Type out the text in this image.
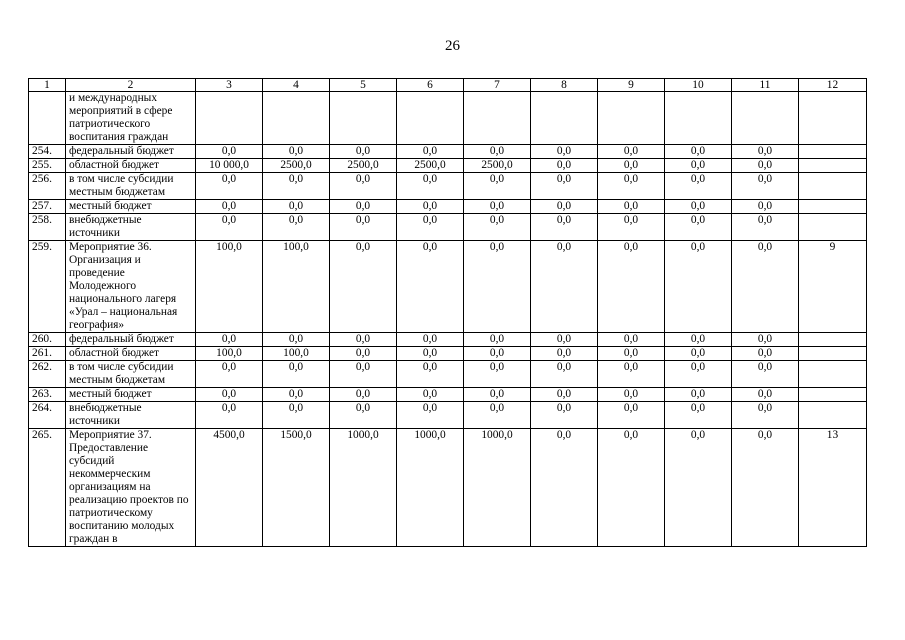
26
1	2	3	4	5	6	7	8	9	10	11	12
	и международных мероприятий в сфере патриотического воспитания граждан										
254.	федеральный бюджет	0,0	0,0	0,0	0,0	0,0	0,0	0,0	0,0	0,0	
255.	областной бюджет	10 000,0	2500,0	2500,0	2500,0	2500,0	0,0	0,0	0,0	0,0	
256.	в том числе субсидии местным бюджетам	0,0	0,0	0,0	0,0	0,0	0,0	0,0	0,0	0,0	
257.	местный бюджет	0,0	0,0	0,0	0,0	0,0	0,0	0,0	0,0	0,0	
258.	внебюджетные источники	0,0	0,0	0,0	0,0	0,0	0,0	0,0	0,0	0,0	
259.	Мероприятие 36. Организация и проведение Молодежного национального лагеря «Урал – национальная география»	100,0	100,0	0,0	0,0	0,0	0,0	0,0	0,0	0,0	9
260.	федеральный бюджет	0,0	0,0	0,0	0,0	0,0	0,0	0,0	0,0	0,0	
261.	областной бюджет	100,0	100,0	0,0	0,0	0,0	0,0	0,0	0,0	0,0	
262.	в том числе субсидии местным бюджетам	0,0	0,0	0,0	0,0	0,0	0,0	0,0	0,0	0,0	
263.	местный бюджет	0,0	0,0	0,0	0,0	0,0	0,0	0,0	0,0	0,0	
264.	внебюджетные источники	0,0	0,0	0,0	0,0	0,0	0,0	0,0	0,0	0,0	
265.	Мероприятие 37. Предоставление субсидий некоммерческим организациям на реализацию проектов по патриотическому воспитанию молодых граждан в	4500,0	1500,0	1000,0	1000,0	1000,0	0,0	0,0	0,0	0,0	13
